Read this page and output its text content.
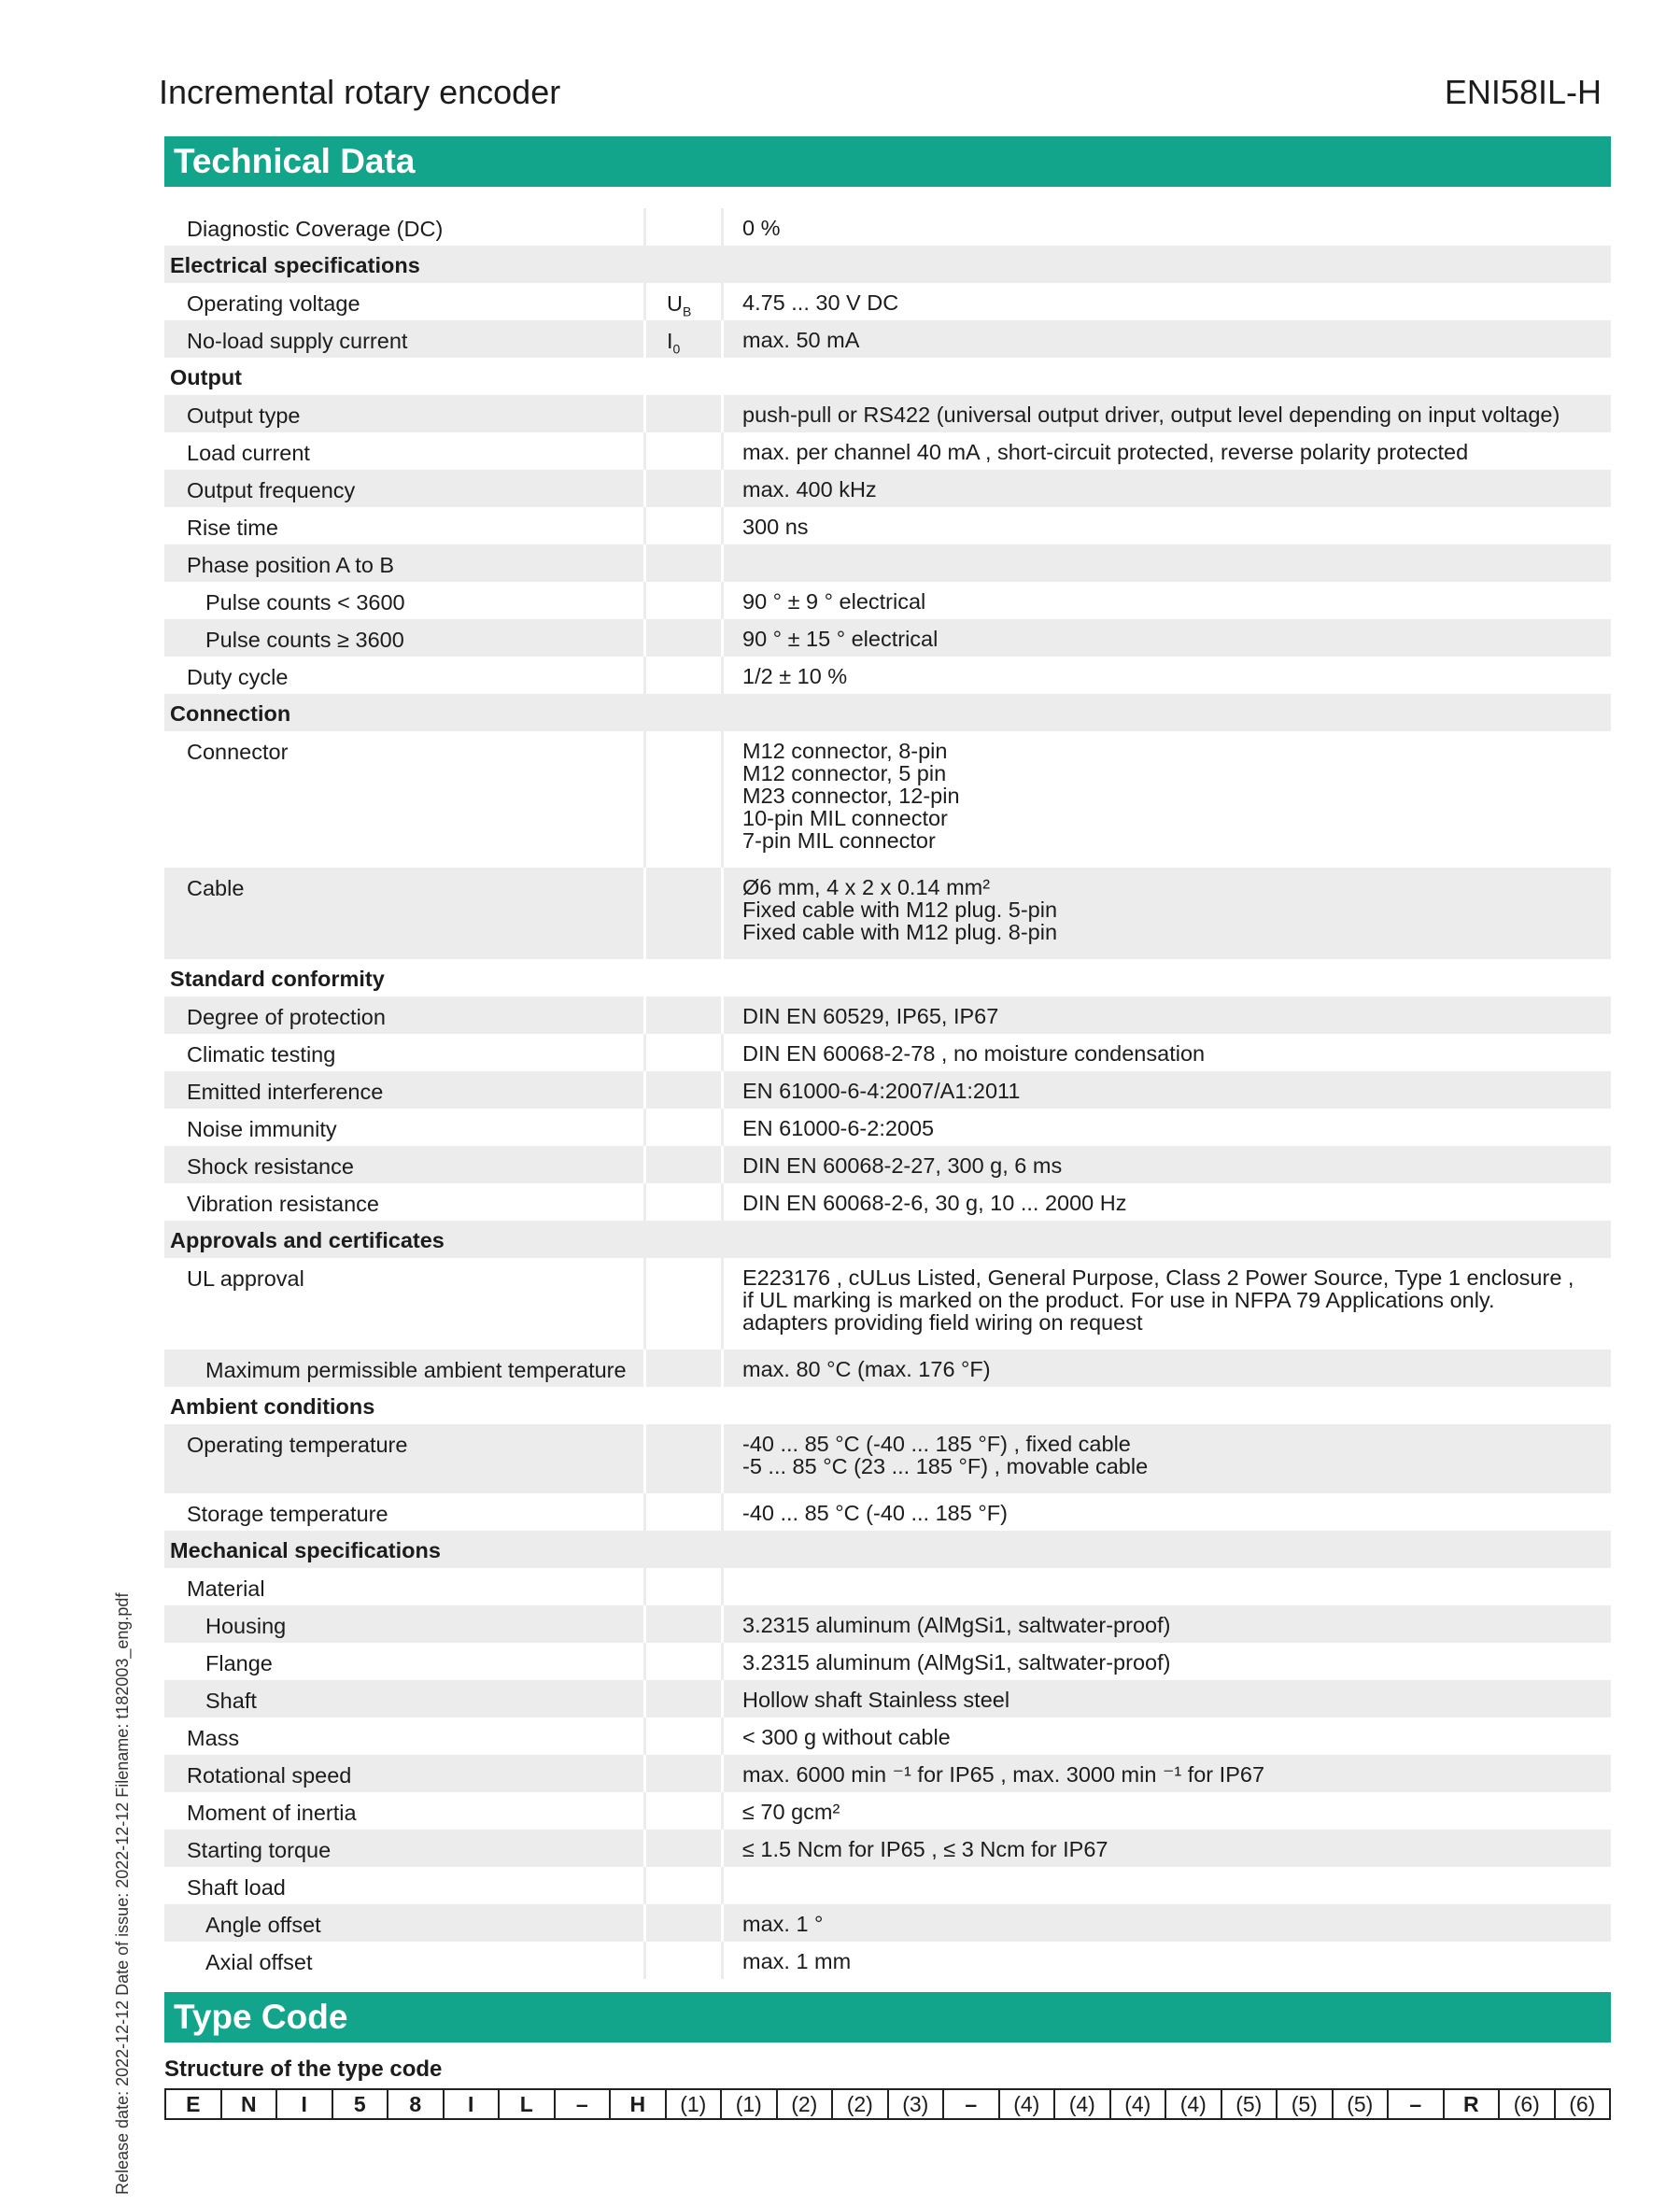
Incremental rotary encoder	ENI58IL-H
Technical Data
Diagnostic Coverage (DC)		0 %

Electrical specifications		

Operating voltage	$U_B$	4.75 ... 30 V DC

No-load supply current	$I_0$	max. 50 mA

Output		

Output type		push-pull or RS422 (universal output driver, output level depending on input voltage)

Load current		max. per channel 40 mA , short-circuit protected, reverse polarity protected

Output frequency		max. 400 kHz

Rise time		300 ns

Phase position A to B		

Pulse counts < 3600		90 ° ± 9 ° electrical

Pulse counts ≥ 3600		90 ° ± 15 ° electrical

Duty cycle		1/2 ± 10 %

Connection		

Connector		M12 connector, 8-pin
M12 connector, 5 pin
M23 connector, 12-pin
10-pin MIL connector
7-pin MIL connector

Cable		Ø6 mm, 4 x 2 x 0.14 mm²
Fixed cable with M12 plug. 5-pin
Fixed cable with M12 plug. 8-pin

Standard conformity		

Degree of protection		DIN EN 60529, IP65, IP67

Climatic testing		DIN EN 60068-2-78 , no moisture condensation

Emitted interference		EN 61000-6-4:2007/A1:2011

Noise immunity		EN 61000-6-2:2005

Shock resistance		DIN EN 60068-2-27, 300 g, 6 ms

Vibration resistance		DIN EN 60068-2-6, 30 g, 10 ... 2000 Hz

Approvals and certificates		

UL approval		E223176 , cULus Listed, General Purpose, Class 2 Power Source, Type 1 enclosure ,
if UL marking is marked on the product. For use in NFPA 79 Applications only.
adapters providing field wiring on request

Maximum permissible ambient temperature		max. 80 °C (max. 176 °F)

Ambient conditions		

Operating temperature		-40 ... 85 °C (-40 ... 185 °F) , fixed cable
-5 ... 85 °C (23 ... 185 °F) , movable cable

Storage temperature		-40 ... 85 °C (-40 ... 185 °F)

Mechanical specifications		

Material		

Housing		3.2315 aluminum (AlMgSi1, saltwater-proof)

Flange		3.2315 aluminum (AlMgSi1, saltwater-proof)

Shaft		Hollow shaft Stainless steel

Mass		< 300 g without cable

Rotational speed		max. 6000 min ⁻¹ for IP65 , max. 3000 min ⁻¹ for IP67

Moment of inertia		≤ 70 gcm²

Starting torque		≤ 1.5 Ncm for IP65 , ≤ 3 Ncm for IP67

Shaft load		

Angle offset		max. 1 °

Axial offset		max. 1 mm
Type Code
Structure of the type code
E	N	I	5	8	I	L	–	H	(1)	(1)	(2)	(2)	(3)	–	(4)	(4)	(4)	(4)	(5)	(5)	(5)	–	R	(6)	(6)
Release date: 2022-12-12 Date of issue: 2022-12-12 Filename: t182003_eng.pdf
